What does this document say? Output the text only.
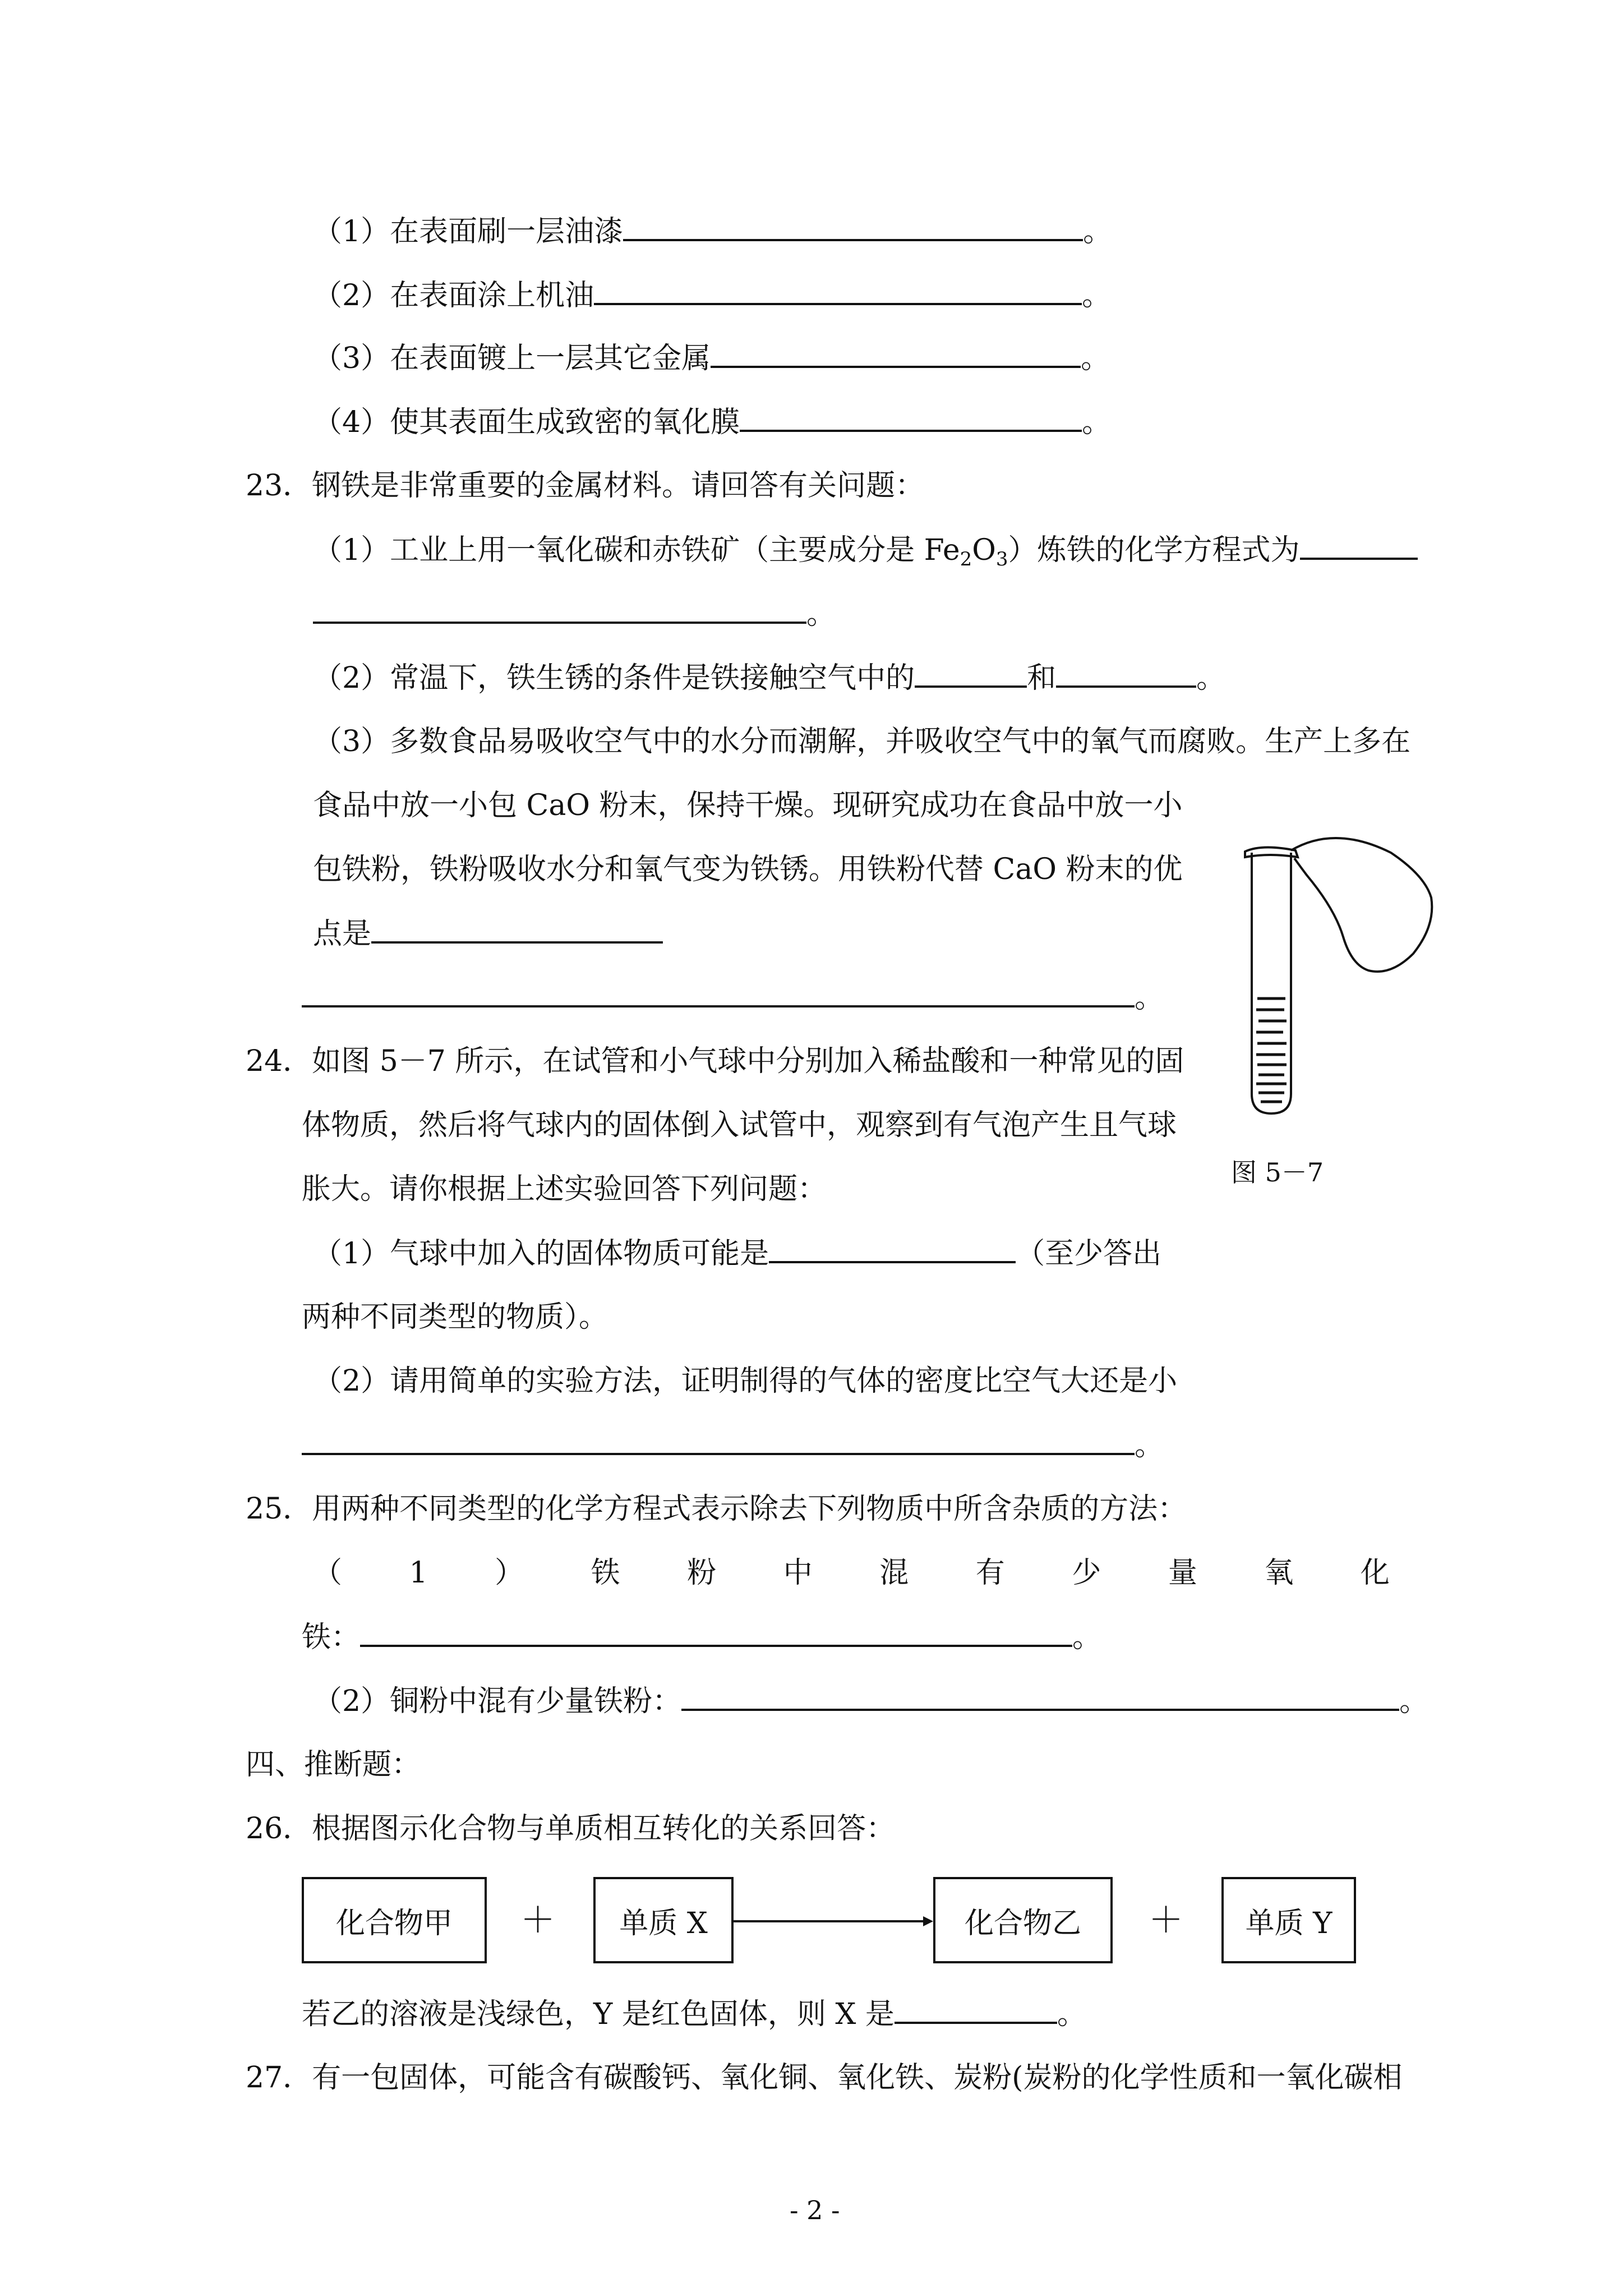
（1）在表面刷一层油漆	。
（2）在表面涂上机油	。
（3）在表面镀上一层其它金属	。
（4）使其表面生成致密的氧化膜	。
23．钢铁是非常重要的金属材料。请回答有关问题：
（1）工业上用一氧化碳和赤铁矿（主要成分是 $Fe_2O_3$）炼铁的化学方程式为
。
（2）常温下，铁生锈的条件是铁接触空气中的	和	。
（3）多数食品易吸收空气中的水分而潮解，并吸收空气中的氧气而腐败。生产上多在
食品中放一小包 CaO 粉末，保持干燥。现研究成功在食品中放一小
包铁粉，铁粉吸收水分和氧气变为铁锈。用铁粉代替 CaO 粉末的优
点是
。
图 5－7
24．如图 5－7 所示，在试管和小气球中分别加入稀盐酸和一种常见的固
体物质，然后将气球内的固体倒入试管中，观察到有气泡产生且气球
胀大。请你根据上述实验回答下列问题：
（1）气球中加入的固体物质可能是	（至少答出
两种不同类型的物质）。
（2）请用简单的实验方法，证明制得的气体的密度比空气大还是小
。
25．用两种不同类型的化学方程式表示除去下列物质中所含杂质的方法：
（ 1 ） 铁 粉 中 混 有 少 量 氧 化
铁：	。
（2）铜粉中混有少量铁粉：	。
四、推断题：
26．根据图示化合物与单质相互转化的关系回答：
化合物甲	＋	单质 X	化合物乙	＋	单质 Y
若乙的溶液是浅绿色，Y 是红色固体，则 X 是	。
27．有一包固体，可能含有碳酸钙、氧化铜、氧化铁、炭粉(炭粉的化学性质和一氧化碳相
- 2 -
